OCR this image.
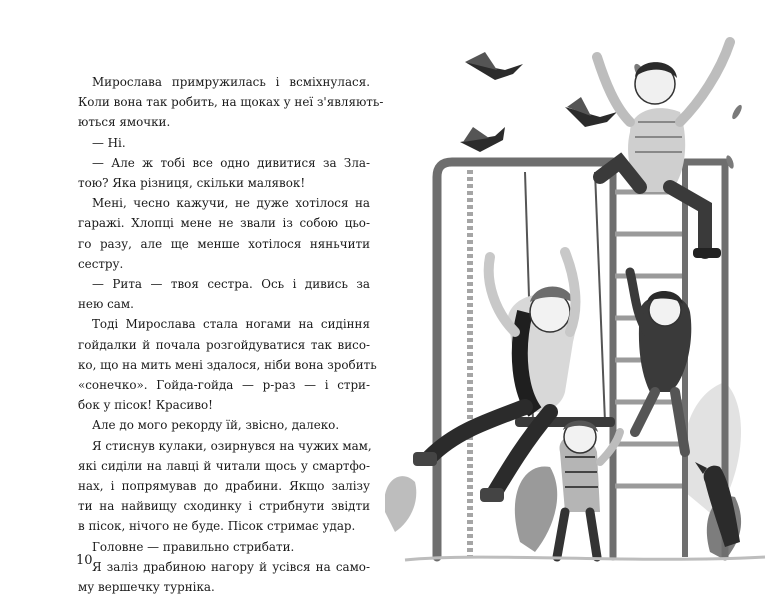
Мирослава примружилась і всміхнулася.
Коли вона так робить, на щоках у неї з'являють-
ються ямочки.
— Ні.
— Але ж тобі все одно дивитися за Зла-
тою? Яка різниця, скільки малявок!
Мені, чесно кажучи, не дуже хотілося на
гаражі. Хлопці мене не звали із собою цьо-
го разу, але ще менше хотілося няньчити
сестру.
— Рита — твоя сестра. Ось і дивись за
нею сам.
Тоді Мирослава стала ногами на сидіння
гойдалки й почала розгойдуватися так висо-
ко, що на мить мені здалося, ніби вона зробить
«сонечко». Гойда-гойда — р-раз — і стри-
бок у пісок! Красиво!
Але до мого рекорду їй, звісно, далеко.
Я стиснув кулаки, озирнувся на чужих мам,
які сиділи на лавці й читали щось у смартфо-
нах, і попрямував до драбини. Якщо залізу
ти на найвищу сходинку і стрибнути звідти
в пісок, нічого не буде. Пісок стримає удар.
Головне — правильно стрибати.
Я заліз драбиною нагору й усівся на само-
му вершечку турніка.
10
